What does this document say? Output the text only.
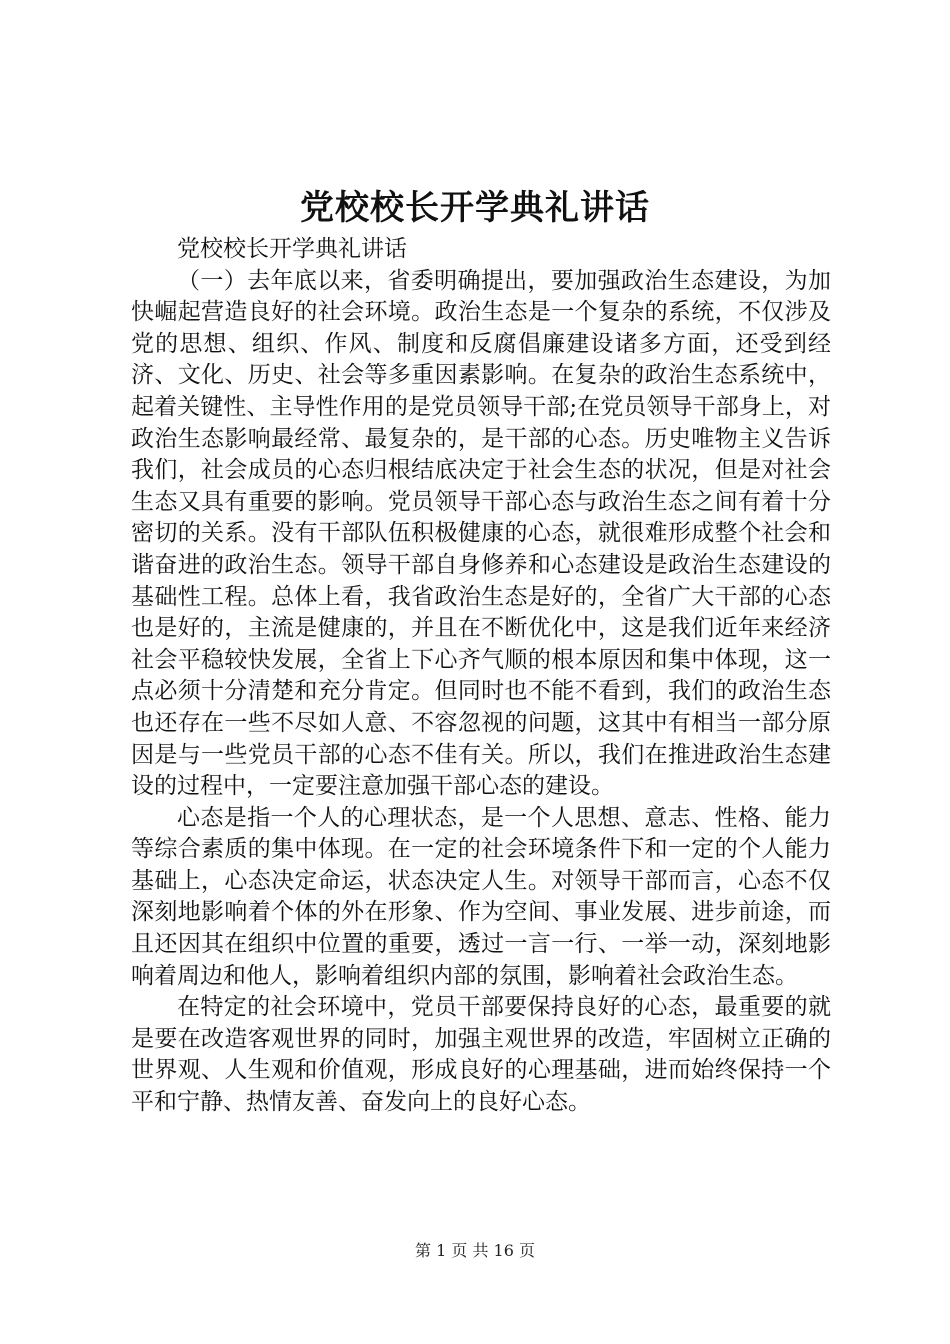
党校校长开学典礼讲话

党校校长开学典礼讲话

（一）去年底以来，省委明确提出，要加强政治生态建设，为加快崛起营造良好的社会环境。政治生态是一个复杂的系统，不仅涉及党的思想、组织、作风、制度和反腐倡廉建设诸多方面，还受到经济、文化、历史、社会等多重因素影响。在复杂的政治生态系统中，起着关键性、主导性作用的是党员领导干部;在党员领导干部身上，对政治生态影响最经常、最复杂的，是干部的心态。历史唯物主义告诉我们，社会成员的心态归根结底决定于社会生态的状况，但是对社会生态又具有重要的影响。党员领导干部心态与政治生态之间有着十分密切的关系。没有干部队伍积极健康的心态，就很难形成整个社会和谐奋进的政治生态。领导干部自身修养和心态建设是政治生态建设的基础性工程。总体上看，我省政治生态是好的，全省广大干部的心态也是好的，主流是健康的，并且在不断优化中，这是我们近年来经济社会平稳较快发展，全省上下心齐气顺的根本原因和集中体现，这一点必须十分清楚和充分肯定。但同时也不能不看到，我们的政治生态也还存在一些不尽如人意、不容忽视的问题，这其中有相当一部分原因是与一些党员干部的心态不佳有关。所以，我们在推进政治生态建设的过程中，一定要注意加强干部心态的建设。

心态是指一个人的心理状态，是一个人思想、意志、性格、能力等综合素质的集中体现。在一定的社会环境条件下和一定的个人能力基础上，心态决定命运，状态决定人生。对领导干部而言，心态不仅深刻地影响着个体的外在形象、作为空间、事业发展、进步前途，而且还因其在组织中位置的重要，透过一言一行、一举一动，深刻地影响着周边和他人，影响着组织内部的氛围，影响着社会政治生态。

在特定的社会环境中，党员干部要保持良好的心态，最重要的就是要在改造客观世界的同时，加强主观世界的改造，牢固树立正确的世界观、人生观和价值观，形成良好的心理基础，进而始终保持一个平和宁静、热情友善、奋发向上的良好心态。

第 1 页 共 16 页
